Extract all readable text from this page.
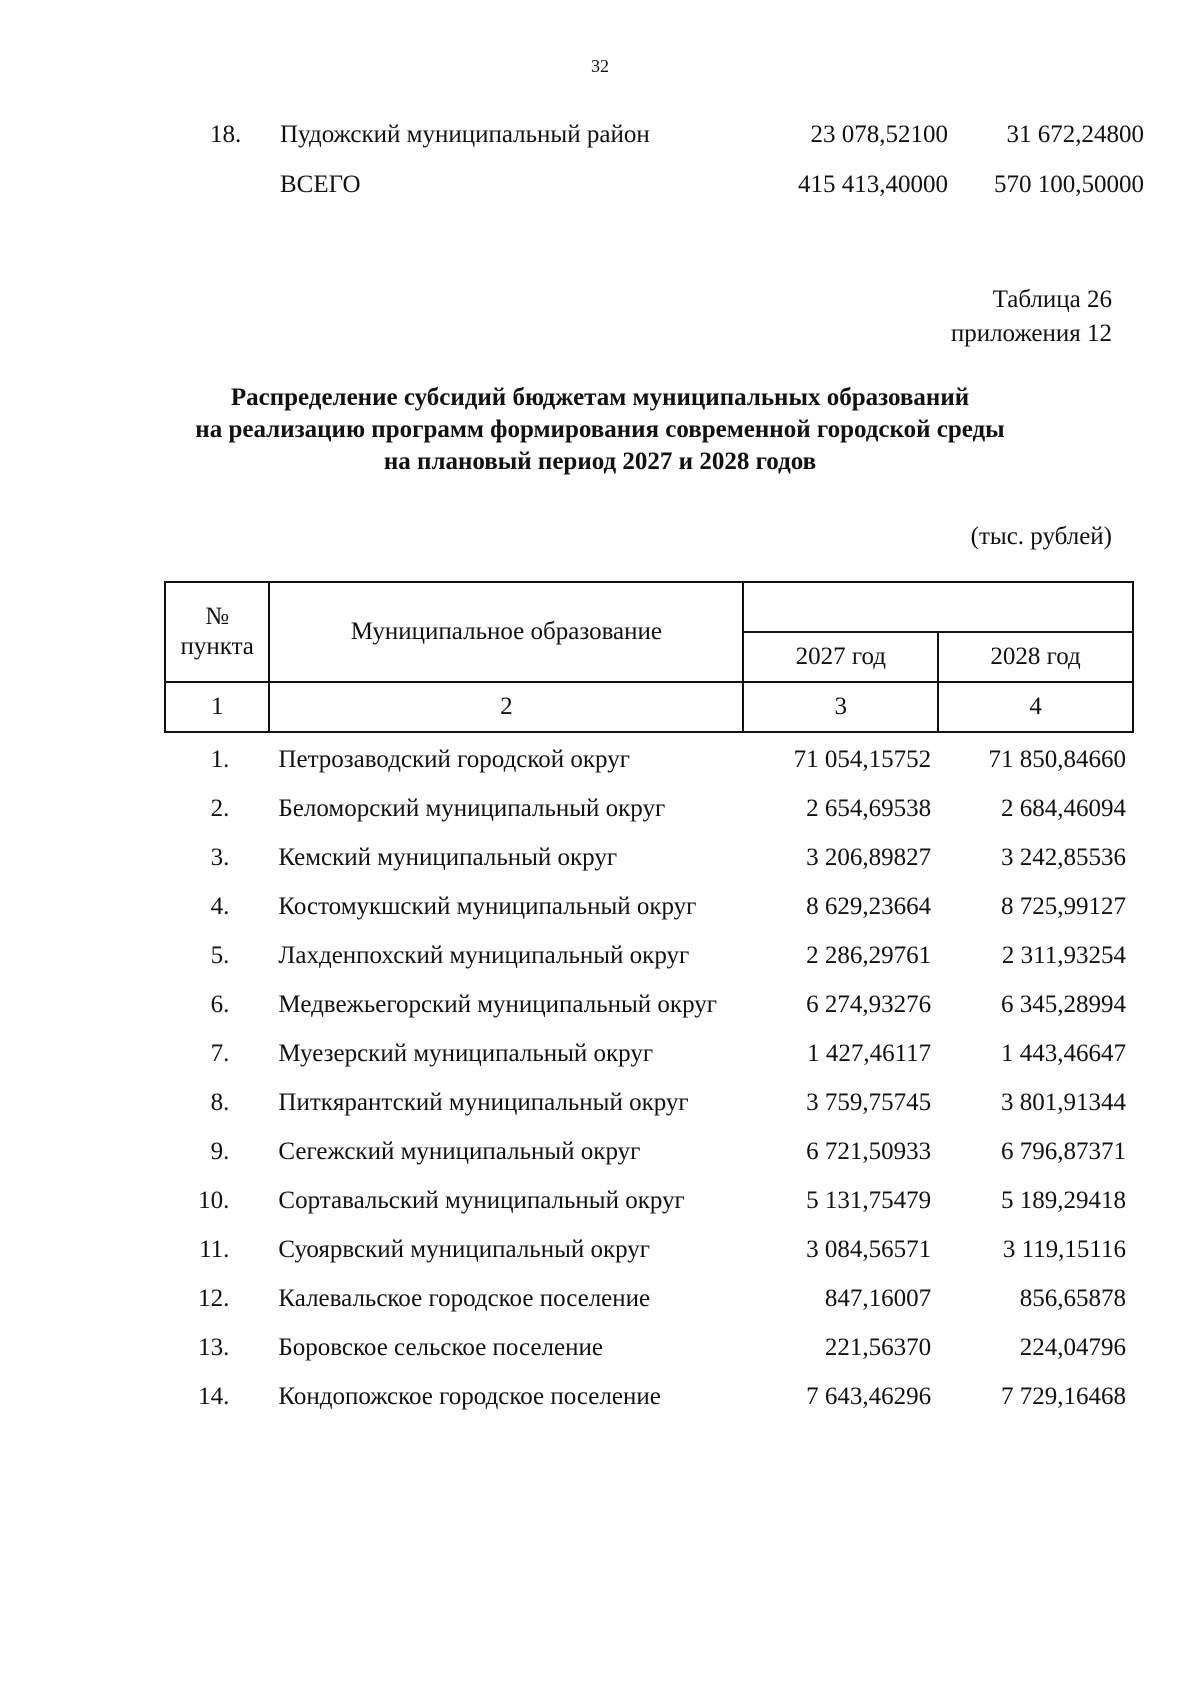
32
18.	Пудожский муниципальный район	23 078,52100	31 672,24800
	ВСЕГО	415 413,40000	570 100,50000
Таблица 26
приложения 12
Распределение субсидий бюджетам муниципальных образований
на реализацию программ формирования современной городской среды
на плановый период 2027 и 2028 годов
(тыс. рублей)
№
пункта	Муниципальное образование		
		2027 год	2028 год
1	2	3	4
1.	Петрозаводский городской округ	71 054,15752	71 850,84660
2.	Беломорский муниципальный округ	2 654,69538	2 684,46094
3.	Кемский муниципальный округ	3 206,89827	3 242,85536
4.	Костомукшский муниципальный округ	8 629,23664	8 725,99127
5.	Лахденпохский муниципальный округ	2 286,29761	2 311,93254
6.	Медвежьегорский муниципальный округ	6 274,93276	6 345,28994
7.	Муезерский муниципальный округ	1 427,46117	1 443,46647
8.	Питкярантский муниципальный округ	3 759,75745	3 801,91344
9.	Сегежский муниципальный округ	6 721,50933	6 796,87371
10.	Сортавальский муниципальный округ	5 131,75479	5 189,29418
11.	Суоярвский муниципальный округ	3 084,56571	3 119,15116
12.	Калевальское городское поселение	847,16007	856,65878
13.	Боровское сельское поселение	221,56370	224,04796
14.	Кондопожское городское поселение	7 643,46296	7 729,16468
